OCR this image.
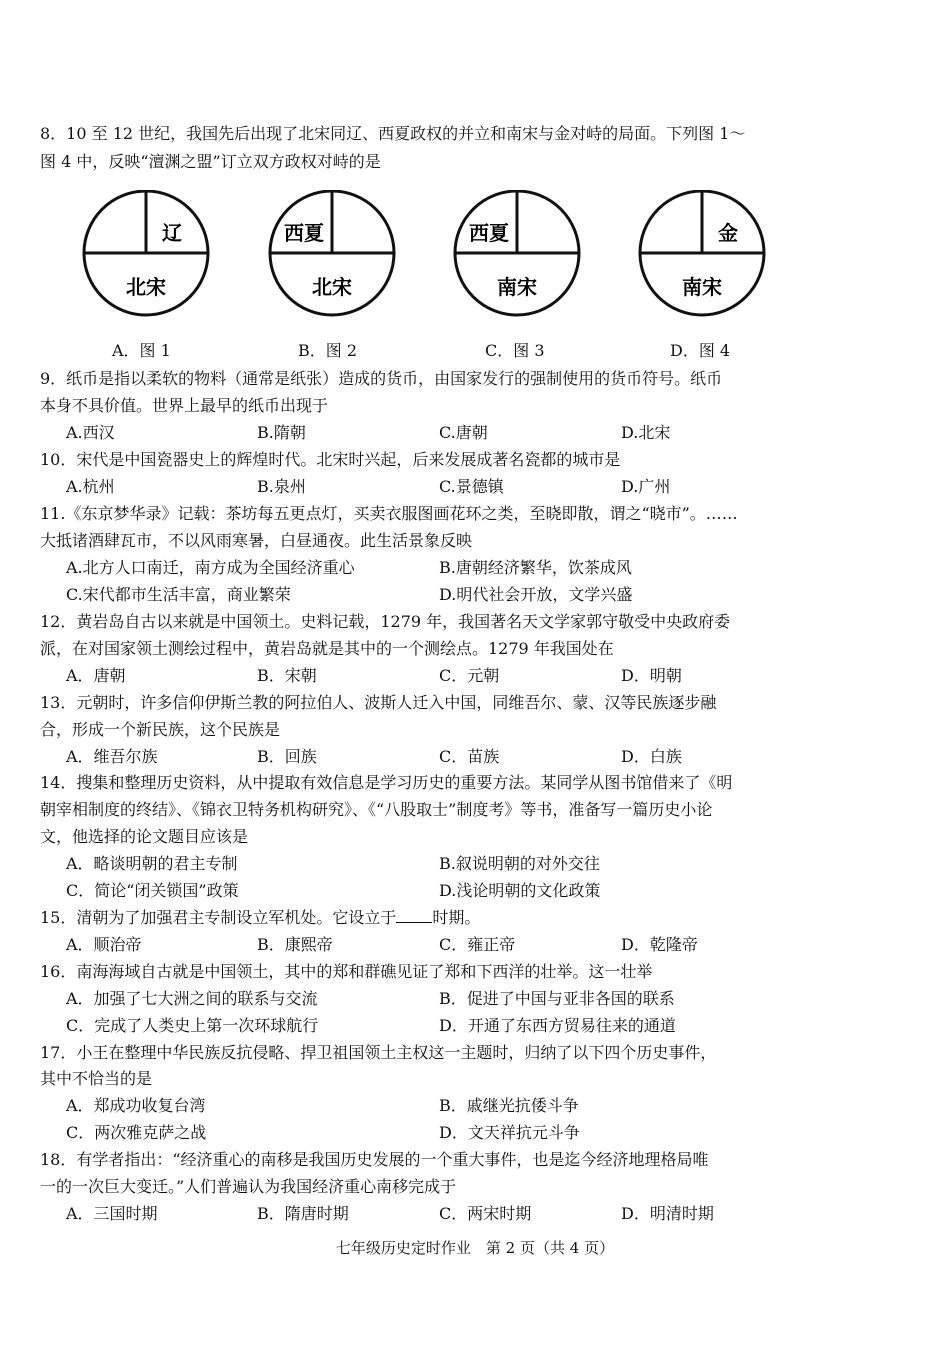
8．10 至 12 世纪，我国先后出现了北宋同辽、西夏政权的并立和南宋与金对峙的局面。下列图 1～
图 4 中，反映“澶渊之盟”订立双方政权对峙的是
辽
北宋
西夏
北宋
西夏
南宋
金
南宋
A．图 1	B．图 2	C．图 3	D．图 4
9．纸币是指以柔软的物料（通常是纸张）造成的货币，由国家发行的强制使用的货币符号。纸币
本身不具价值。世界上最早的纸币出现于
A.西汉	B.隋朝	C.唐朝	D.北宋
10．宋代是中国瓷器史上的辉煌时代。北宋时兴起，后来发展成著名瓷都的城市是
A.杭州	B.泉州	C.景德镇	D.广州
11.《东京梦华录》记载：茶坊每五更点灯，买卖衣服图画花环之类，至晓即散，谓之“晓市”。……
大抵诸酒肆瓦市，不以风雨寒暑，白昼通夜。此生活景象反映
A.北方人口南迁，南方成为全国经济重心	B.唐朝经济繁华，饮茶成风
C.宋代都市生活丰富，商业繁荣	D.明代社会开放，文学兴盛
12．黄岩岛自古以来就是中国领土。史料记载，1279 年，我国著名天文学家郭守敬受中央政府委
派，在对国家领土测绘过程中，黄岩岛就是其中的一个测绘点。1279 年我国处在
A．唐朝	B．宋朝	C．元朝	D．明朝
13．元朝时，许多信仰伊斯兰教的阿拉伯人、波斯人迁入中国，同维吾尔、蒙、汉等民族逐步融
合，形成一个新民族，这个民族是
A．维吾尔族	B．回族	C．苗族	D．白族
14．搜集和整理历史资料，从中提取有效信息是学习历史的重要方法。某同学从图书馆借来了《明
朝宰相制度的终结》、《锦衣卫特务机构研究》、《“八股取士”制度考》等书，准备写一篇历史小论
文，他选择的论文题目应该是
A．略谈明朝的君主专制	B.叙说明朝的对外交往
C．简论“闭关锁国”政策	D.浅论明朝的文化政策
15．清朝为了加强君主专制设立军机处。它设立于 时期。
A．顺治帝	B．康熙帝	C．雍正帝	D．乾隆帝
16．南海海域自古就是中国领土，其中的郑和群礁见证了郑和下西洋的壮举。这一壮举
A．加强了七大洲之间的联系与交流	B．促进了中国与亚非各国的联系
C．完成了人类史上第一次环球航行	D．开通了东西方贸易往来的通道
17．小王在整理中华民族反抗侵略、捍卫祖国领土主权这一主题时，归纳了以下四个历史事件，
其中不恰当的是
A．郑成功收复台湾	B．戚继光抗倭斗争
C．两次雅克萨之战	D．文天祥抗元斗争
18．有学者指出：“经济重心的南移是我国历史发展的一个重大事件，也是迄今经济地理格局唯
一的一次巨大变迁。”人们普遍认为我国经济重心南移完成于
A．三国时期	B．隋唐时期	C．两宋时期	D．明清时期
七年级历史定时作业　第 2 页（共 4 页）
